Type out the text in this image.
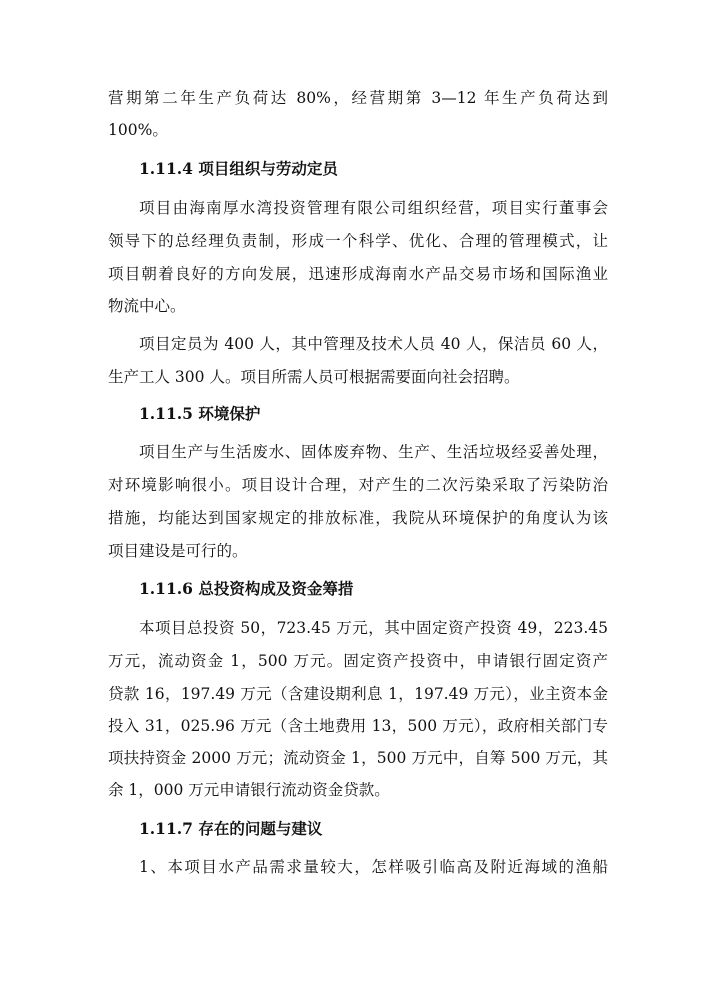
营期第二年生产负荷达 80%，经营期第 3—12 年生产负荷达到
100%。
1.11.4 项目组织与劳动定员
项目由海南厚水湾投资管理有限公司组织经营，项目实行董事会
领导下的总经理负责制，形成一个科学、优化、合理的管理模式，让
项目朝着良好的方向发展，迅速形成海南水产品交易市场和国际渔业
物流中心。
项目定员为 400 人，其中管理及技术人员 40 人，保洁员 60 人，
生产工人 300 人。项目所需人员可根据需要面向社会招聘。
1.11.5 环境保护
项目生产与生活废水、固体废弃物、生产、生活垃圾经妥善处理，
对环境影响很小。项目设计合理，对产生的二次污染采取了污染防治
措施，均能达到国家规定的排放标准，我院从环境保护的角度认为该
项目建设是可行的。
1.11.6 总投资构成及资金筹措
本项目总投资 50，723.45 万元，其中固定资产投资 49，223.45
万元，流动资金 1，500 万元。固定资产投资中，申请银行固定资产
贷款 16，197.49 万元（含建设期利息 1，197.49 万元），业主资本金
投入 31，025.96 万元（含土地费用 13，500 万元），政府相关部门专
项扶持资金 2000 万元；流动资金 1，500 万元中，自筹 500 万元，其
余 1，000 万元申请银行流动资金贷款。
1.11.7 存在的问题与建议
1、本项目水产品需求量较大，怎样吸引临高及附近海域的渔船
